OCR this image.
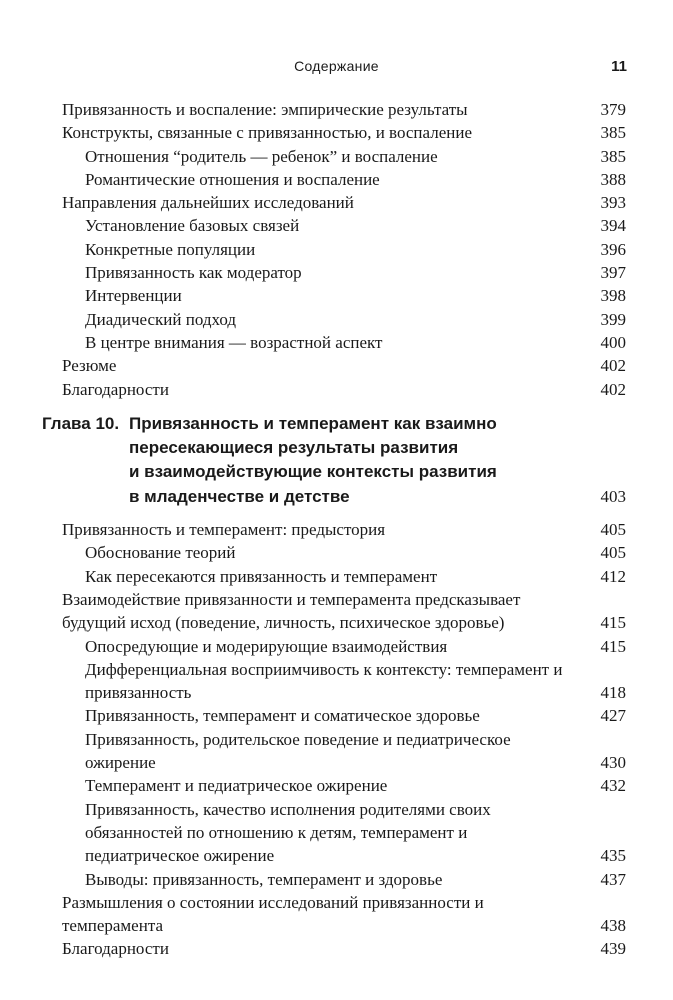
Содержание	11
Привязанность и воспаление: эмпирические результаты	379
Конструкты, связанные с привязанностью, и воспаление	385
Отношения “родитель — ребенок” и воспаление	385
Романтические отношения и воспаление	388
Направления дальнейших исследований	393
Установление базовых связей	394
Конкретные популяции	396
Привязанность как модератор	397
Интервенции	398
Диадический подход	399
В центре внимания — возрастной аспект	400
Резюме	402
Благодарности	402
Глава 10. Привязанность и темперамент как взаимно
пересекающиеся результаты развития
и взаимодействующие контексты развития
в младенчестве и детстве	403
Привязанность и темперамент: предыстория	405
Обоснование теорий	405
Как пересекаются привязанность и темперамент	412
Взаимодействие привязанности и темперамента предсказывает будущий исход (поведение, личность, психическое здоровье)	415
Опосредующие и модерирующие взаимодействия	415
Дифференциальная восприимчивость к контексту: темперамент и привязанность	418
Привязанность, темперамент и соматическое здоровье	427
Привязанность, родительское поведение и педиатрическое ожирение	430
Темперамент и педиатрическое ожирение	432
Привязанность, качество исполнения родителями своих обязанностей по отношению к детям, темперамент и педиатрическое ожирение	435
Выводы: привязанность, темперамент и здоровье	437
Размышления о состоянии исследований привязанности и темперамента	438
Благодарности	439
